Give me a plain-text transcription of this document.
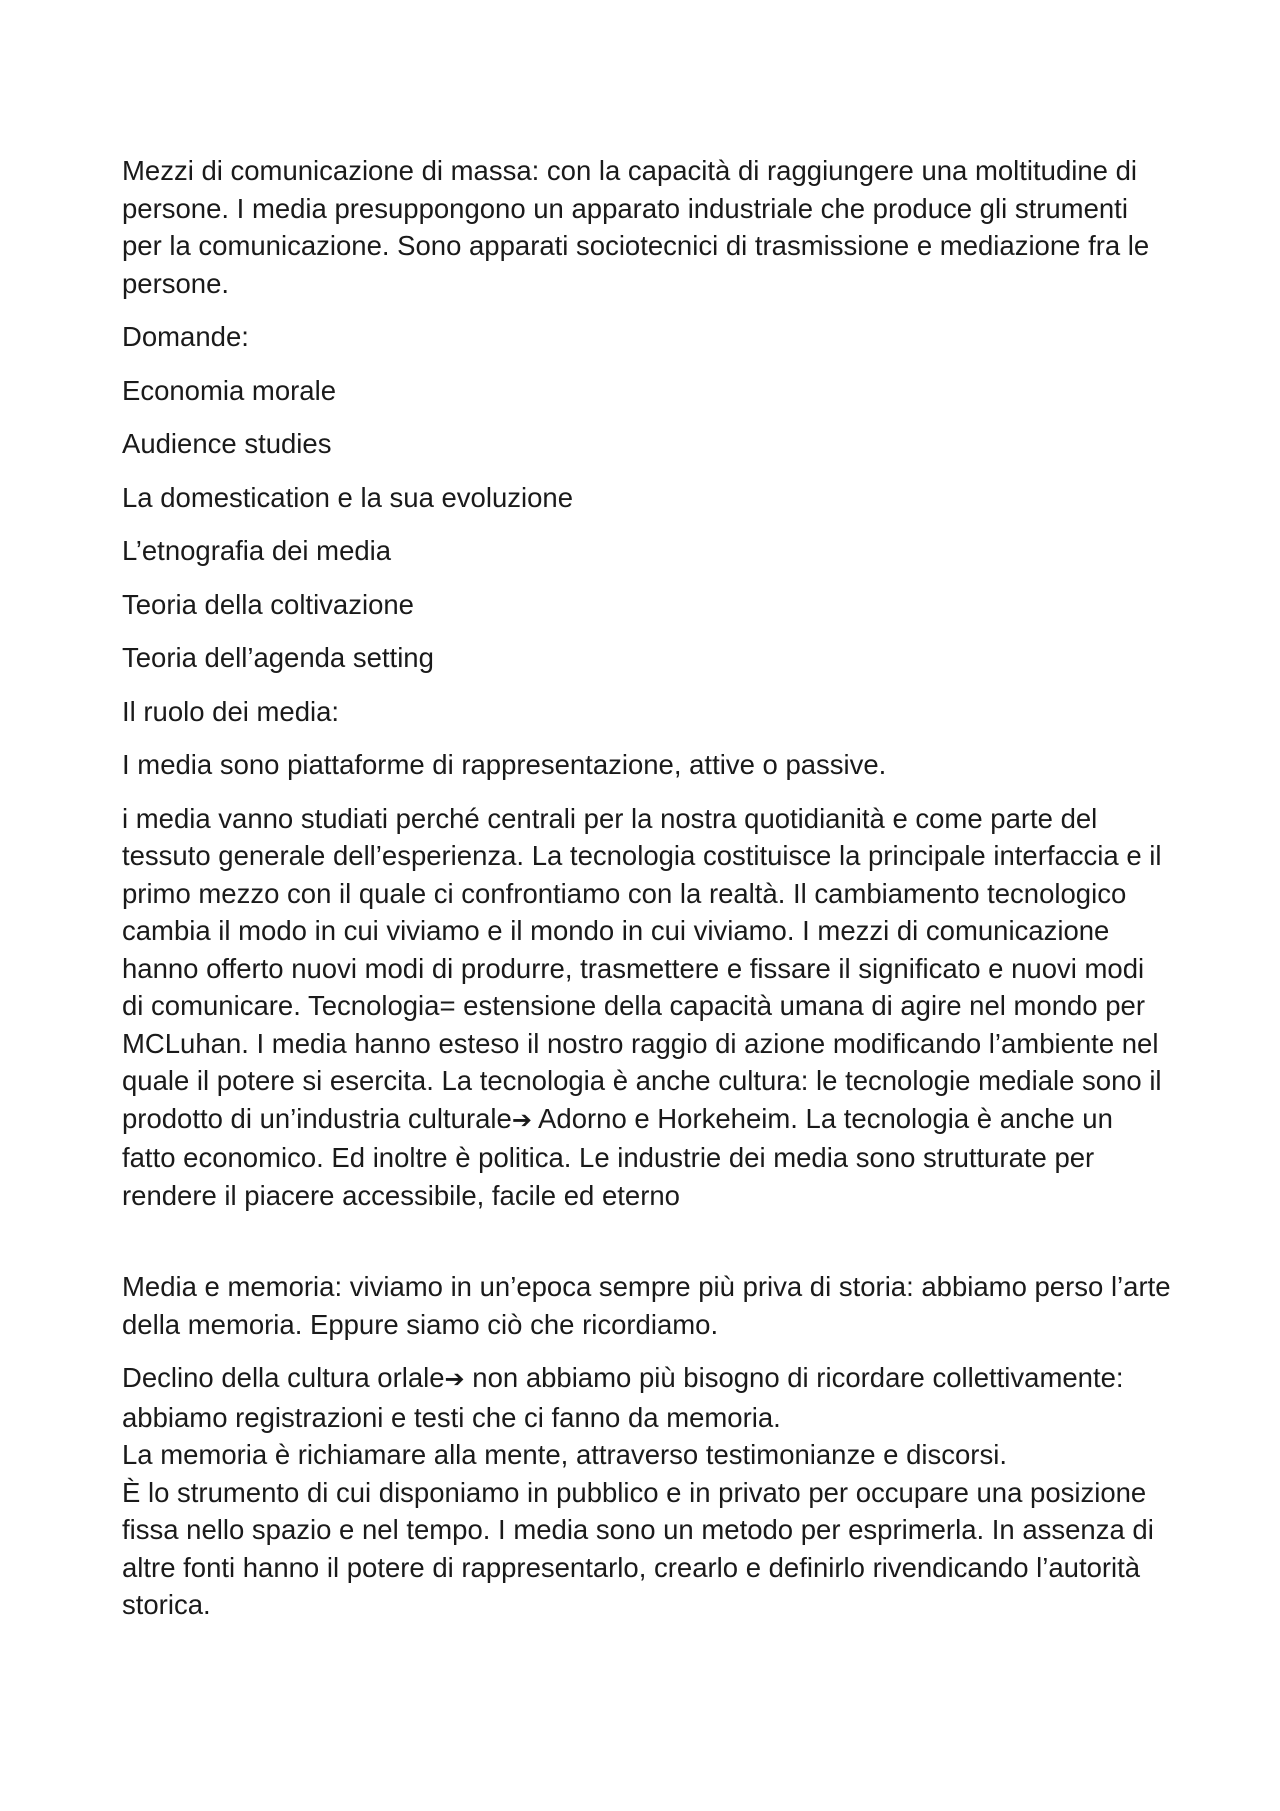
Mezzi di comunicazione di massa: con la capacità di raggiungere una moltitudine di persone. I media presuppongono un apparato industriale che produce gli strumenti per la comunicazione. Sono apparati sociotecnici di trasmissione e mediazione fra le persone.

Domande:

Economia morale

Audience studies

La domestication e la sua evoluzione

L’etnografia dei media

Teoria della coltivazione

Teoria dell’agenda setting

Il ruolo dei media:

I media sono piattaforme di rappresentazione, attive o passive.

i media vanno studiati perché centrali per la nostra quotidianità e come parte del tessuto generale dell’esperienza. La tecnologia costituisce la principale interfaccia e il primo mezzo con il quale ci confrontiamo con la realtà. Il cambiamento tecnologico cambia il modo in cui viviamo e il mondo in cui viviamo. I mezzi di comunicazione hanno offerto nuovi modi di produrre, trasmettere e fissare il significato e nuovi modi di comunicare. Tecnologia= estensione della capacità umana di agire nel mondo per MCLuhan. I media hanno esteso il nostro raggio di azione modificando l’ambiente nel quale il potere si esercita. La tecnologia è anche cultura: le tecnologie mediale sono il prodotto di un’industria culturale➔ Adorno e Horkeheim. La tecnologia è anche un fatto economico. Ed inoltre è politica. Le industrie dei media sono strutturate per rendere il piacere accessibile, facile ed eterno

Media e memoria: viviamo in un’epoca sempre più priva di storia: abbiamo perso l’arte della memoria. Eppure siamo ciò che ricordiamo.

Declino della cultura orlale➔ non abbiamo più bisogno di ricordare collettivamente: abbiamo registrazioni e testi che ci fanno da memoria.
La memoria è richiamare alla mente, attraverso testimonianze e discorsi.
È lo strumento di cui disponiamo in pubblico e in privato per occupare una posizione fissa nello spazio e nel tempo. I media sono un metodo per esprimerla. In assenza di altre fonti hanno il potere di rappresentarlo, crearlo e definirlo rivendicando l’autorità storica.
